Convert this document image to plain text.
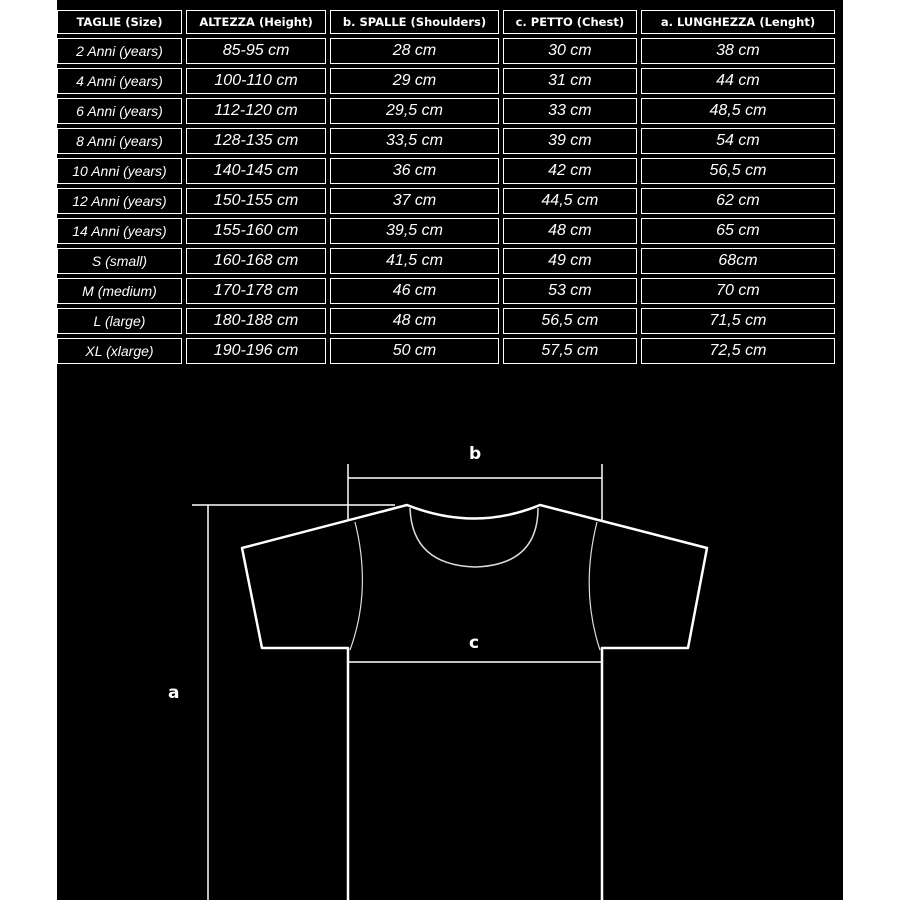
TAGLIE (Size)	ALTEZZA (Height)	b. SPALLE (Shoulders)	c. PETTO (Chest)	a. LUNGHEZZA (Lenght)
2 Anni (years)	85-95 cm	28 cm	30 cm	38 cm
4 Anni (years)	100-110 cm	29 cm	31 cm	44 cm
6 Anni (years)	112-120 cm	29,5 cm	33 cm	48,5 cm
8 Anni (years)	128-135 cm	33,5 cm	39 cm	54 cm
10 Anni (years)	140-145 cm	36 cm	42 cm	56,5 cm
12 Anni (years)	150-155 cm	37 cm	44,5 cm	62 cm
14 Anni (years)	155-160 cm	39,5 cm	48 cm	65 cm
S (small)	160-168 cm	41,5 cm	49 cm	68cm
M (medium)	170-178 cm	46 cm	53 cm	70 cm
L (large)	180-188 cm	48 cm	56,5 cm	71,5 cm
XL (xlarge)	190-196 cm	50 cm	57,5 cm	72,5 cm
b
c
a
